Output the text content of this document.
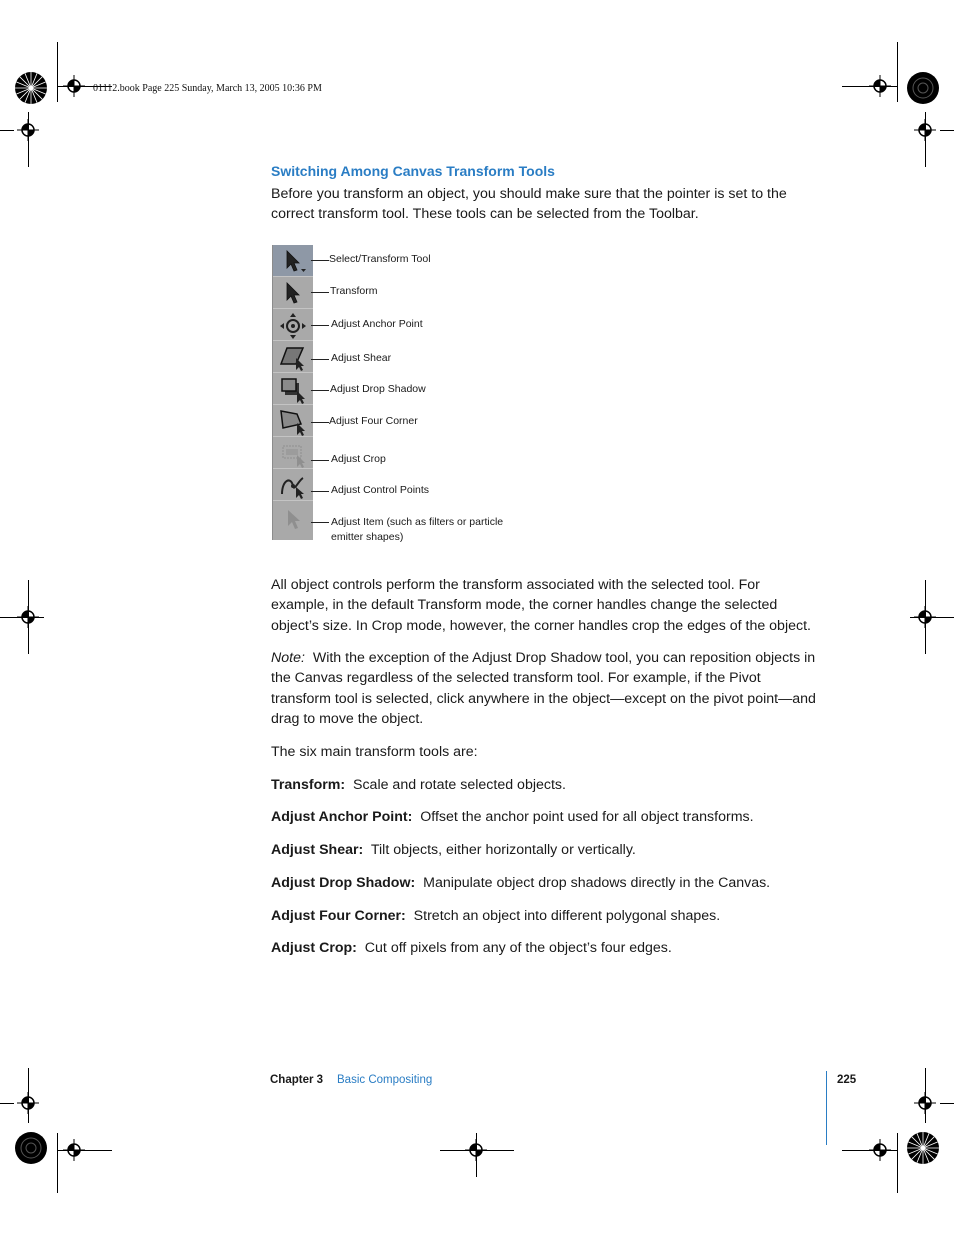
01112.book Page 225 Sunday, March 13, 2005 10:36 PM
Switching Among Canvas Transform Tools
Before you transform an object, you should make sure that the pointer is set to the correct transform tool. These tools can be selected from the Toolbar.
Select/Transform Tool
Transform
Adjust Anchor Point
Adjust Shear
Adjust Drop Shadow
Adjust Four Corner
Adjust Crop
Adjust Control Points
Adjust Item (such as filters or particle
emitter shapes)
All object controls perform the transform associated with the selected tool. For example, in the default Transform mode, the corner handles change the selected object’s size. In Crop mode, however, the corner handles crop the edges of the object.
Note: With the exception of the Adjust Drop Shadow tool, you can reposition objects in the Canvas regardless of the selected transform tool. For example, if the Pivot transform tool is selected, click anywhere in the object—except on the pivot point—and drag to move the object.
The six main transform tools are:
Transform: Scale and rotate selected objects.
Adjust Anchor Point: Offset the anchor point used for all object transforms.
Adjust Shear: Tilt objects, either horizontally or vertically.
Adjust Drop Shadow: Manipulate object drop shadows directly in the Canvas.
Adjust Four Corner: Stretch an object into different polygonal shapes.
Adjust Crop: Cut off pixels from any of the object’s four edges.
Chapter 3 Basic Compositing	225
